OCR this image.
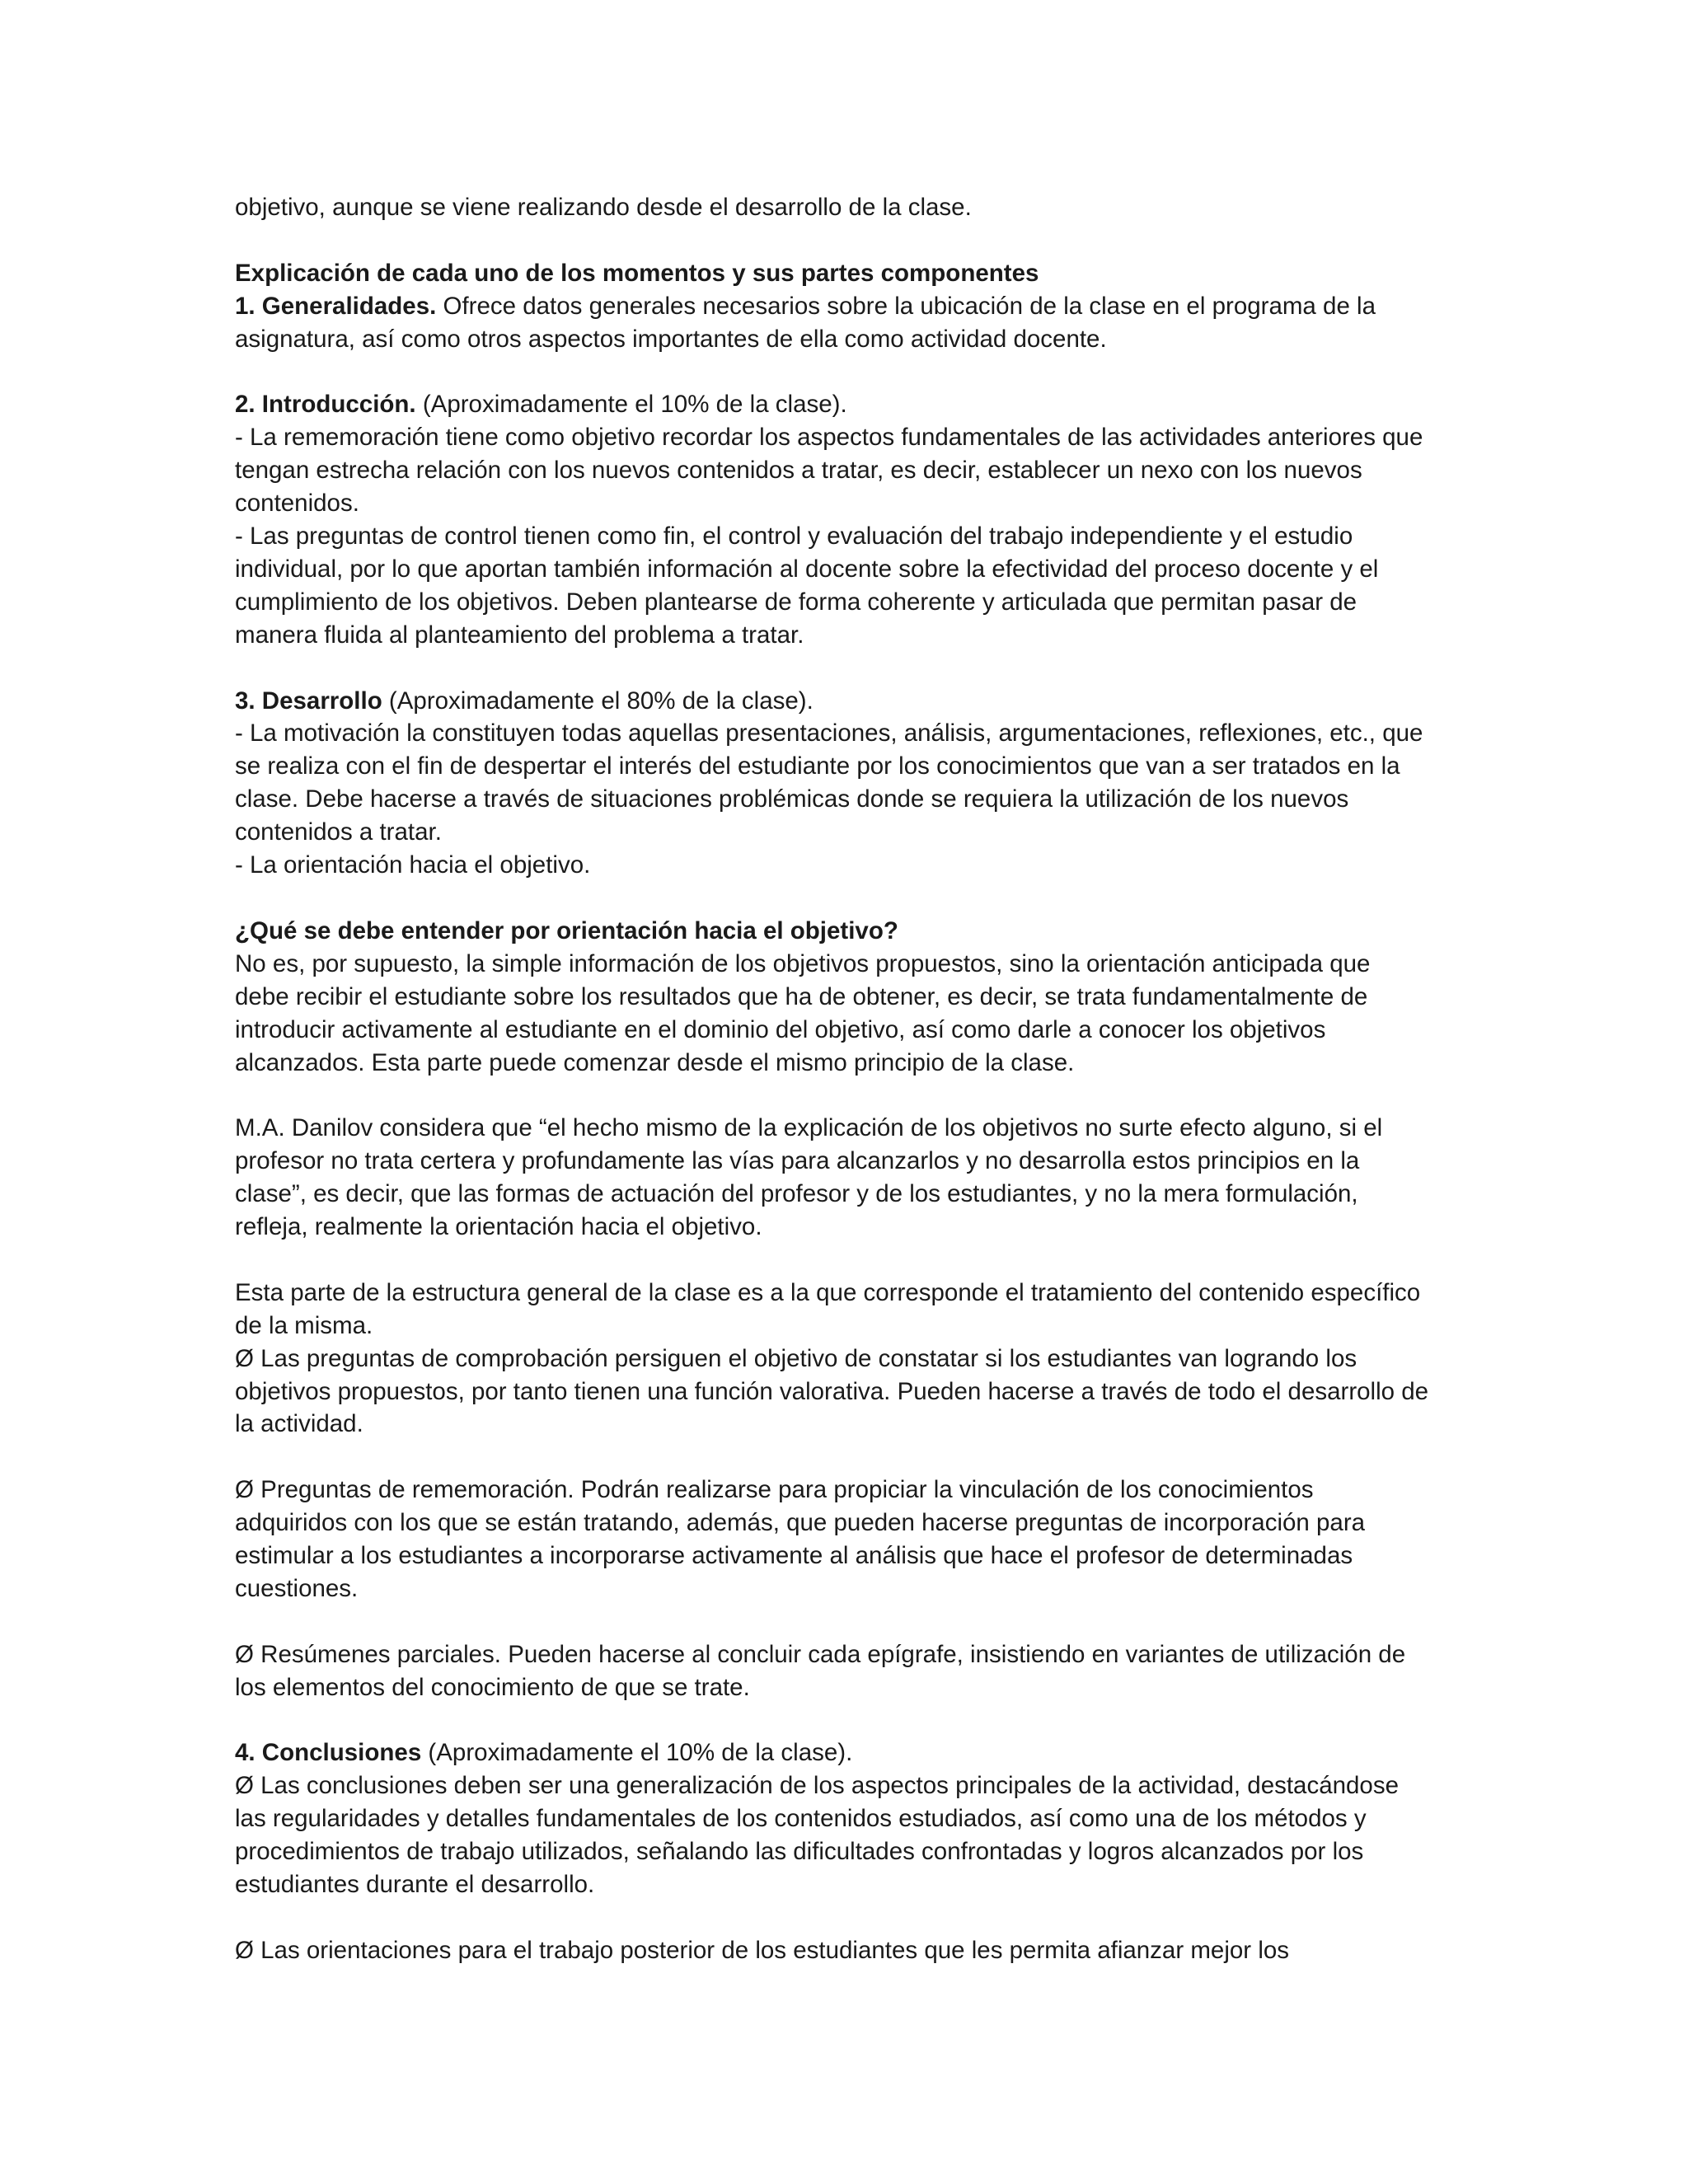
objetivo, aunque se viene realizando desde el desarrollo de la clase.
Explicación de cada uno de los momentos y sus partes componentes
1. Generalidades. Ofrece datos generales necesarios sobre la ubicación de la clase en el programa de la
asignatura, así como otros aspectos importantes de ella como actividad docente.
2. Introducción. (Aproximadamente el 10% de la clase).
- La rememoración tiene como objetivo recordar los aspectos fundamentales de las actividades anteriores que
tengan estrecha relación con los nuevos contenidos a tratar, es decir, establecer un nexo con los nuevos
contenidos.
- Las preguntas de control tienen como fin, el control y evaluación del trabajo independiente y el estudio
individual, por lo que aportan también información al docente sobre la efectividad del proceso docente y el
cumplimiento de los objetivos. Deben plantearse de forma coherente y articulada que permitan pasar de
manera fluida al planteamiento del problema a tratar.
3. Desarrollo (Aproximadamente el 80% de la clase).
- La motivación la constituyen todas aquellas presentaciones, análisis, argumentaciones, reflexiones, etc., que
se realiza con el fin de despertar el interés del estudiante por los conocimientos que van a ser tratados en la
clase. Debe hacerse a través de situaciones problémicas donde se requiera la utilización de los nuevos
contenidos a tratar.
- La orientación hacia el objetivo.
¿Qué se debe entender por orientación hacia el objetivo?
No es, por supuesto, la simple información de los objetivos propuestos, sino la orientación anticipada que
debe recibir el estudiante sobre los resultados que ha de obtener, es decir, se trata fundamentalmente de
introducir activamente al estudiante en el dominio del objetivo, así como darle a conocer los objetivos
alcanzados. Esta parte puede comenzar desde el mismo principio de la clase.
M.A. Danilov considera que “el hecho mismo de la explicación de los objetivos no surte efecto alguno, si el
profesor no trata certera y profundamente las vías para alcanzarlos y no desarrolla estos principios en la
clase”, es decir, que las formas de actuación del profesor y de los estudiantes, y no la mera formulación,
refleja, realmente la orientación hacia el objetivo.
Esta parte de la estructura general de la clase es a la que corresponde el tratamiento del contenido específico
de la misma.
Ø Las preguntas de comprobación persiguen el objetivo de constatar si los estudiantes van logrando los
objetivos propuestos, por tanto tienen una función valorativa. Pueden hacerse a través de todo el desarrollo de
la actividad.
Ø Preguntas de rememoración. Podrán realizarse para propiciar la vinculación de los conocimientos
adquiridos con los que se están tratando, además, que pueden hacerse preguntas de incorporación para
estimular a los estudiantes a incorporarse activamente al análisis que hace el profesor de determinadas
cuestiones.
Ø Resúmenes parciales. Pueden hacerse al concluir cada epígrafe, insistiendo en variantes de utilización de
los elementos del conocimiento de que se trate.
4. Conclusiones (Aproximadamente el 10% de la clase).
Ø Las conclusiones deben ser una generalización de los aspectos principales de la actividad, destacándose
las regularidades y detalles fundamentales de los contenidos estudiados, así como una de los métodos y
procedimientos de trabajo utilizados, señalando las dificultades confrontadas y logros alcanzados por los
estudiantes durante el desarrollo.
Ø Las orientaciones para el trabajo posterior de los estudiantes que les permita afianzar mejor los
